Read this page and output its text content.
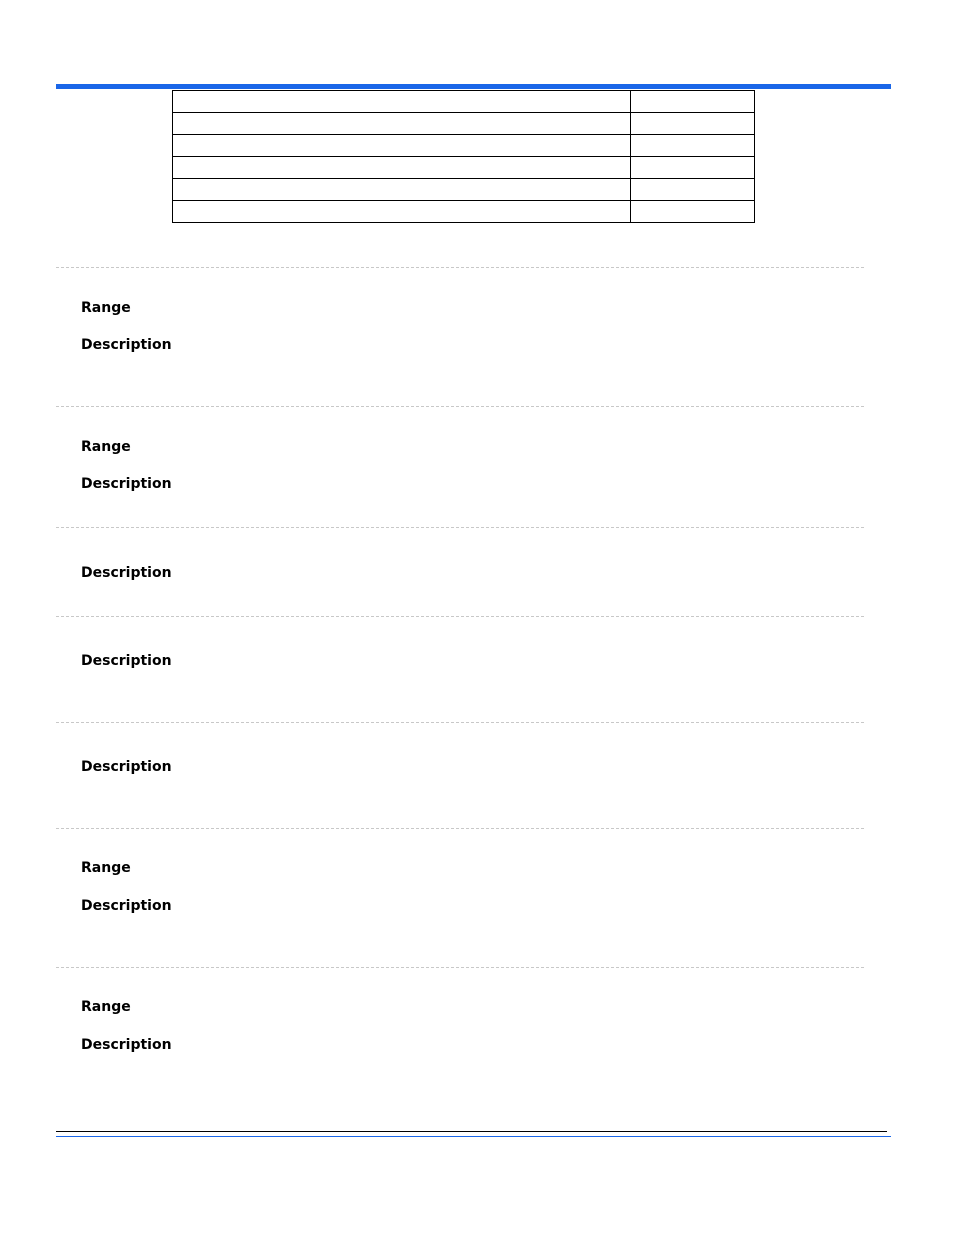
Range
Description
Range
Description
Description
Description
Description
Range
Description
Range
Description
